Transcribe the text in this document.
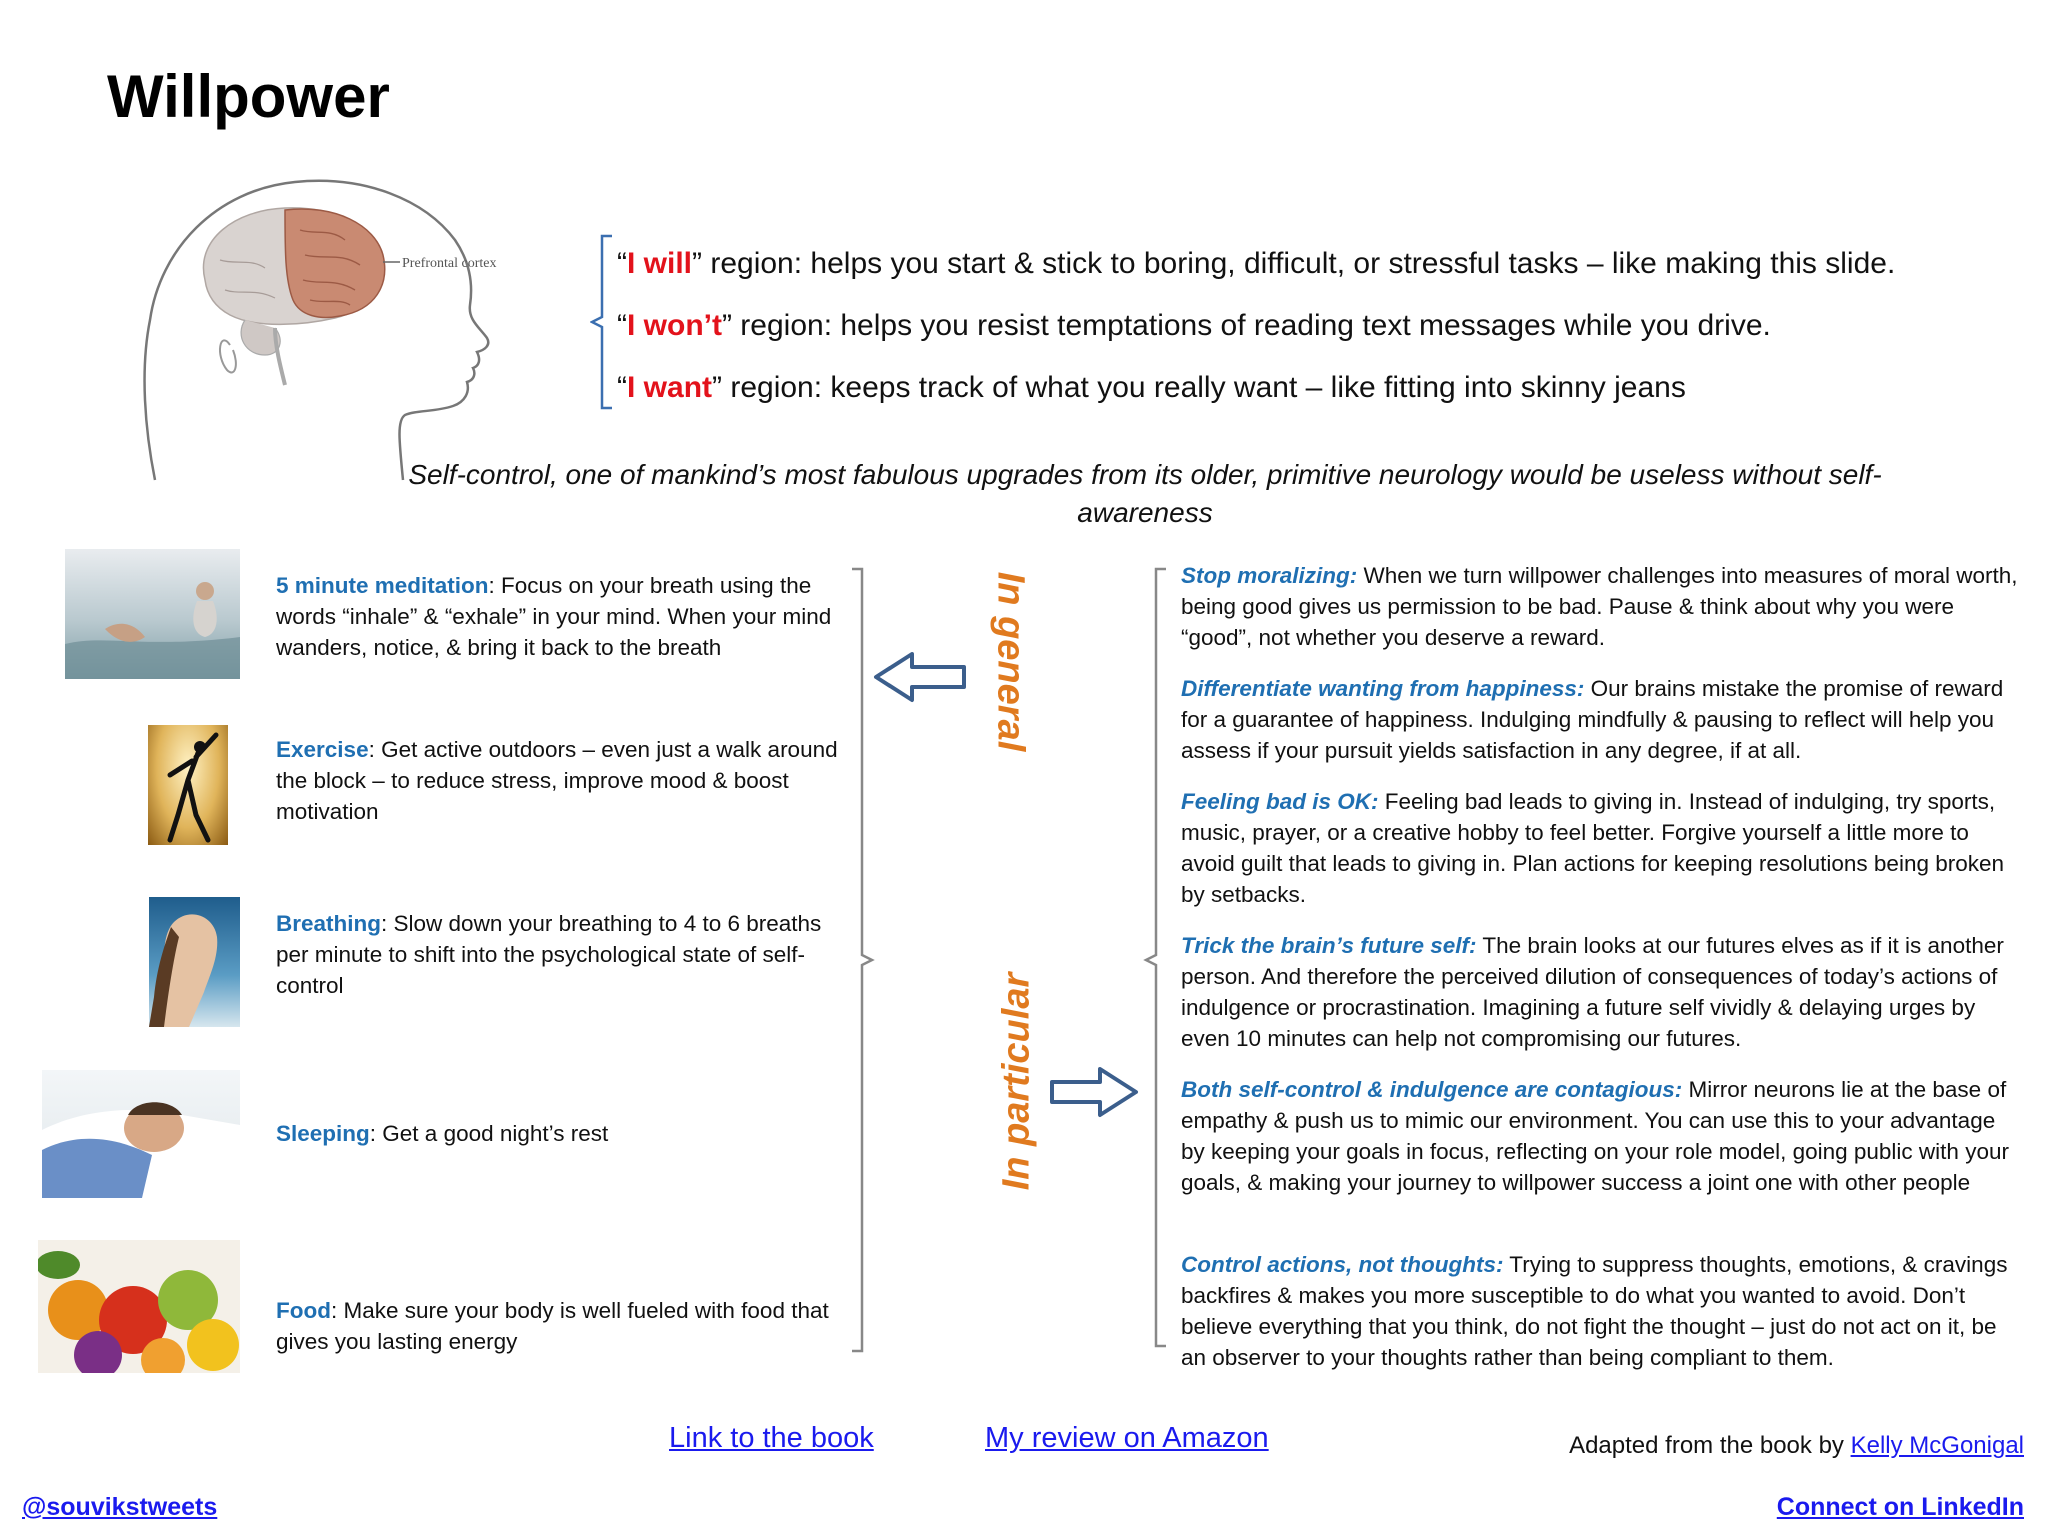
Willpower
Prefrontal cortex	“I will” region: helps you start & stick to boring, difficult, or stressful tasks – like making this slide.
“I won’t” region: helps you resist temptations of reading text messages while you drive.
“I want” region: keeps track of what you really want – like fitting into skinny jeans
Self-control, one of mankind’s most fabulous upgrades from its older, primitive neurology would be useless without self-awareness
5 minute meditation: Focus on your breath using the words “inhale” & “exhale” in your mind. When your mind wanders, notice, & bring it back to the breath
Exercise: Get active outdoors – even just a walk around the block – to reduce stress, improve mood & boost motivation
Breathing: Slow down your breathing to 4 to 6 breaths per minute to shift into the psychological state of self-control
Sleeping: Get a good night’s rest
Food: Make sure your body is well fueled with food that gives you lasting energy
In general
In particular
Stop moralizing: When we turn willpower challenges into measures of moral worth, being good gives us permission to be bad. Pause & think about why you were “good”, not whether you deserve a reward.
Differentiate wanting from happiness: Our brains mistake the promise of reward for a guarantee of happiness. Indulging mindfully & pausing to reflect will help you assess if your pursuit yields satisfaction in any degree, if at all.
Feeling bad is OK: Feeling bad leads to giving in. Instead of indulging, try sports, music, prayer, or a creative hobby to feel better. Forgive yourself a little more to avoid guilt that leads to giving in. Plan actions for keeping resolutions being broken by setbacks.
Trick the brain’s future self: The brain looks at our futures elves as if it is another person. And therefore the perceived dilution of consequences of today’s actions of indulgence or procrastination. Imagining a future self vividly & delaying urges by even 10 minutes can help not compromising our futures.
Both self-control & indulgence are contagious: Mirror neurons lie at the base of empathy & push us to mimic our environment. You can use this to your advantage by keeping your goals in focus, reflecting on your role model, going public with your goals, & making your journey to willpower success a joint one with other people
Control actions, not thoughts: Trying to suppress thoughts, emotions, & cravings backfires & makes you more susceptible to do what you wanted to avoid. Don’t believe everything that you think, do not fight the thought – just do not act on it, be an observer to your thoughts rather than being compliant to them.
Link to the book	My review on Amazon	Adapted from the book by Kelly McGonigal
@souvikstweets	Connect on LinkedIn
